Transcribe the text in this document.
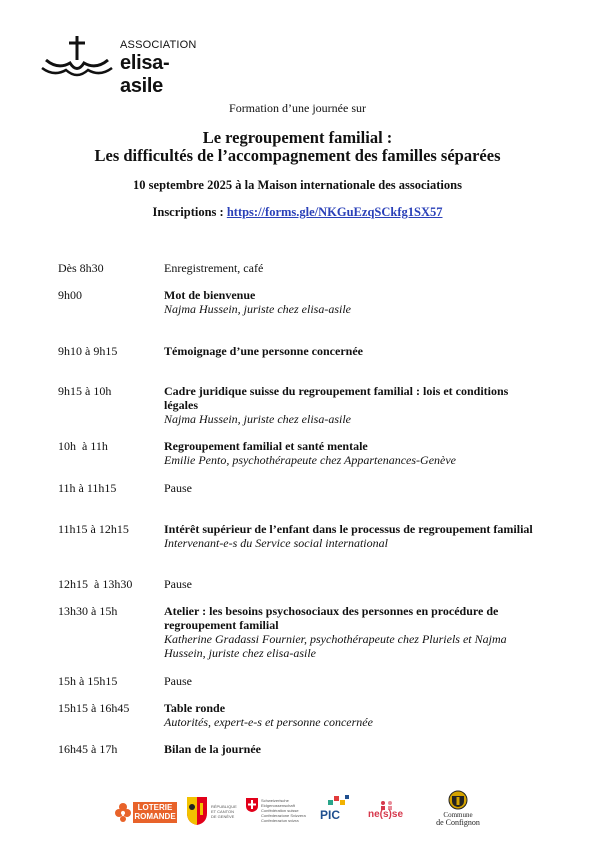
ASSOCIATION
elisa-asile
Formation d’une journée sur
Le regroupement familial :
Les difficultés de l’accompagnement des familles séparées
10 septembre 2025 à la Maison internationale des associations
Inscriptions : https://forms.gle/NKGuEzqSCkfg1SX57
Dès 8h30	Enregistrement, café
9h00	Mot de bienvenue
Najma Hussein, juriste chez elisa-asile
9h10 à 9h15	Témoignage d’une personne concernée
9h15 à 10h	Cadre juridique suisse du regroupement familial : lois et conditions légales
Najma Hussein, juriste chez elisa-asile
10h  à 11h	Regroupement familial et santé mentale
Emilie Pento, psychothérapeute chez Appartenances-Genève
11h à 11h15	Pause
11h15 à 12h15	Intérêt supérieur de l’enfant dans le processus de regroupement familial
Intervenant-e-s du Service social international
12h15  à 13h30	Pause
13h30 à 15h	Atelier : les besoins psychosociaux des personnes en procédure de regroupement familial
Katherine Gradassi Fournier, psychothérapeute chez Pluriels et Najma Hussein, juriste chez elisa-asile
15h à 15h15	Pause
15h15 à 16h45	Table ronde
Autorités, expert-e-s et personne concernée
16h45 à 17h	Bilan de la journée
LOTERIE
ROMANDE
RÉPUBLIQUE
ET CANTON
DE GENÈVE
Schweizerische Eidgenossenschaft
Confédération suisse
Confederazione Svizzera
Confederaziun svizra	PIC	ne(s)se	Commune
de Confignon
